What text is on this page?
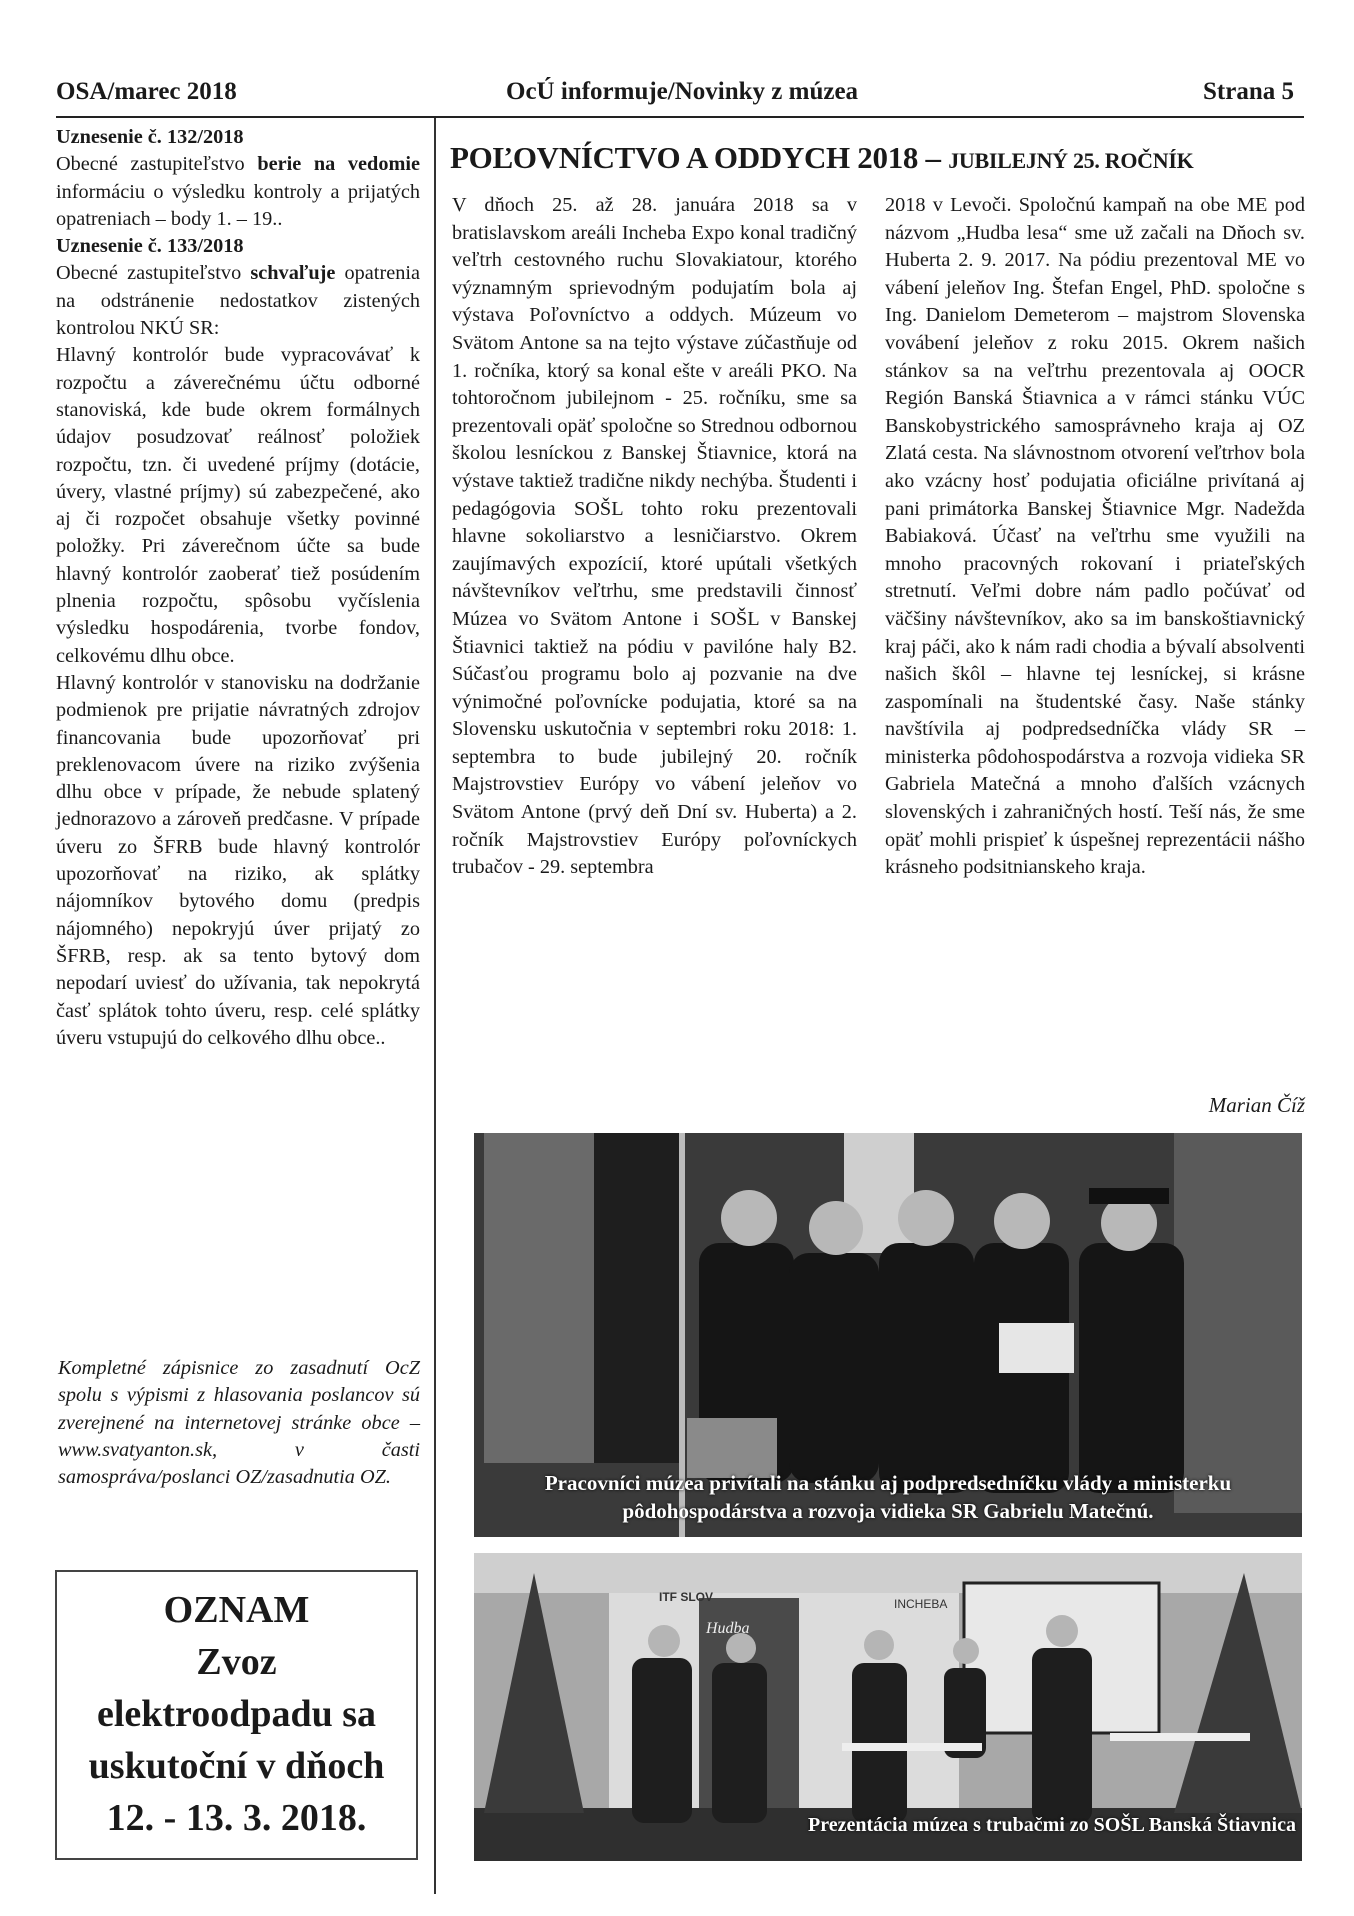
OSA/marec 2018	OcÚ informuje/Novinky z múzea	Strana 5

Uznesenie č. 132/2018

Obecné zastupiteľstvo berie na vedomie informáciu o výsledku kontroly a prijatých opatreniach – body 1. – 19..

Uznesenie č. 133/2018

Obecné zastupiteľstvo schvaľuje opatrenia na odstránenie nedostatkov zistených kontrolou NKÚ SR:

Hlavný kontrolór bude vypracovávať k rozpočtu a záverečnému účtu odborné stanoviská, kde bude okrem formálnych údajov posudzovať reálnosť položiek rozpočtu, tzn. či uvedené príjmy (dotácie, úvery, vlastné príjmy) sú zabezpečené, ako aj či rozpočet obsahuje všetky povinné položky. Pri záverečnom účte sa bude hlavný kontrolór zaoberať tiež posúdením plnenia rozpočtu, spôsobu vyčíslenia výsledku hospodárenia, tvorbe fondov, celkovému dlhu obce.

Hlavný kontrolór v stanovisku na dodržanie podmienok pre prijatie návratných zdrojov financovania bude upozorňovať pri preklenovacom úvere na riziko zvýšenia dlhu obce v prípade, že nebude splatený jednorazovo a zároveň predčasne. V prípade úveru zo ŠFRB bude hlavný kontrolór upozorňovať na riziko, ak splátky nájomníkov bytového domu (predpis nájomného) nepokryjú úver prijatý zo ŠFRB, resp. ak sa tento bytový dom nepodarí uviesť do užívania, tak nepokrytá časť splátok tohto úveru, resp. celé splátky úveru vstupujú do celkového dlhu obce..

Kompletné zápisnice zo zasadnutí OcZ spolu s výpismi z hlasovania poslancov sú zverejnené na internetovej stránke obce – www.svatyanton.sk, v časti samospráva/poslanci OZ/zasadnutia OZ.
OZNAM
Zvoz
elektroodpadu sa
uskutoční v dňoch
12. - 13. 3. 2018.
POĽOVNÍCTVO A ODDYCH 2018 – JUBILEJNÝ 25. ROČNÍK

V dňoch 25. až 28. januára 2018 sa v bratislavskom areáli Incheba Expo konal tradičný veľtrh cestovného ruchu Slovakiatour, ktorého významným sprievodným podujatím bola aj výstava Poľovníctvo a oddych. Múzeum vo Svätom Antone sa na tejto výstave zúčastňuje od 1. ročníka, ktorý sa konal ešte v areáli PKO. Na tohtoročnom jubilejnom - 25. ročníku, sme sa prezentovali opäť spoločne so Strednou odbornou školou lesníckou z Banskej Štiavnice, ktorá na výstave taktiež tradične nikdy nechýba. Študenti i pedagógovia SOŠL tohto roku prezentovali hlavne sokoliarstvo a lesničiarstvo. Okrem zaujímavých expozícií, ktoré upútali všetkých návštevníkov veľtrhu, sme predstavili činnosť Múzea vo Svätom Antone i SOŠL v Banskej Štiavnici taktiež na pódiu v pavilóne haly B2. Súčasťou programu bolo aj pozvanie na dve výnimočné poľovnícke podujatia, ktoré sa na Slovensku uskutočnia v septembri roku 2018: 1. septembra to bude jubilejný 20. ročník Majstrovstiev Európy vo vábení jeleňov vo Svätom Antone (prvý deň Dní sv. Huberta) a 2. ročník Majstrovstiev Európy poľovníckych trubačov - 29. septembra

2018 v Levoči. Spoločnú kampaň na obe ME pod názvom „Hudba lesa“ sme už začali na Dňoch sv. Huberta 2. 9. 2017. Na pódiu prezentoval ME vo vábení jeleňov Ing. Štefan Engel, PhD. spoločne s Ing. Danielom Demeterom – majstrom Slovenska vovábení jeleňov z roku 2015. Okrem našich stánkov sa na veľtrhu prezentovala aj OOCR Región Banská Štiavnica a v rámci stánku VÚC Banskobystrického samosprávneho kraja aj OZ Zlatá cesta. Na slávnostnom otvorení veľtrhov bola ako vzácny hosť podujatia oficiálne privítaná aj pani primátorka Banskej Štiavnice Mgr. Nadežda Babiaková. Účasť na veľtrhu sme využili na mnoho pracovných rokovaní i priateľských stretnutí. Veľmi dobre nám padlo počúvať od väčšiny návštevníkov, ako sa im banskoštiavnický kraj páči, ako k nám radi chodia a bývalí absolventi našich škôl – hlavne tej lesníckej, si krásne zaspomínali na študentské časy. Naše stánky navštívila aj podpredsedníčka vlády SR – ministerka pôdohospodárstva a rozvoja vidieka SR Gabriela Matečná a mnoho ďalších vzácnych slovenských i zahraničných hostí. Teší nás, že sme opäť mohli prispieť k úspešnej reprezentácii nášho krásneho podsitnianskeho kraja.

Marian Číž
Pracovníci múzea privítali na stánku aj podpredsedníčku vlády a ministerku pôdohospodárstva a rozvoja vidieka SR Gabrielu Matečnú.
ITF SLOV	INCHEBA
Hudba
Prezentácia múzea s trubačmi zo SOŠL Banská Štiavnica
